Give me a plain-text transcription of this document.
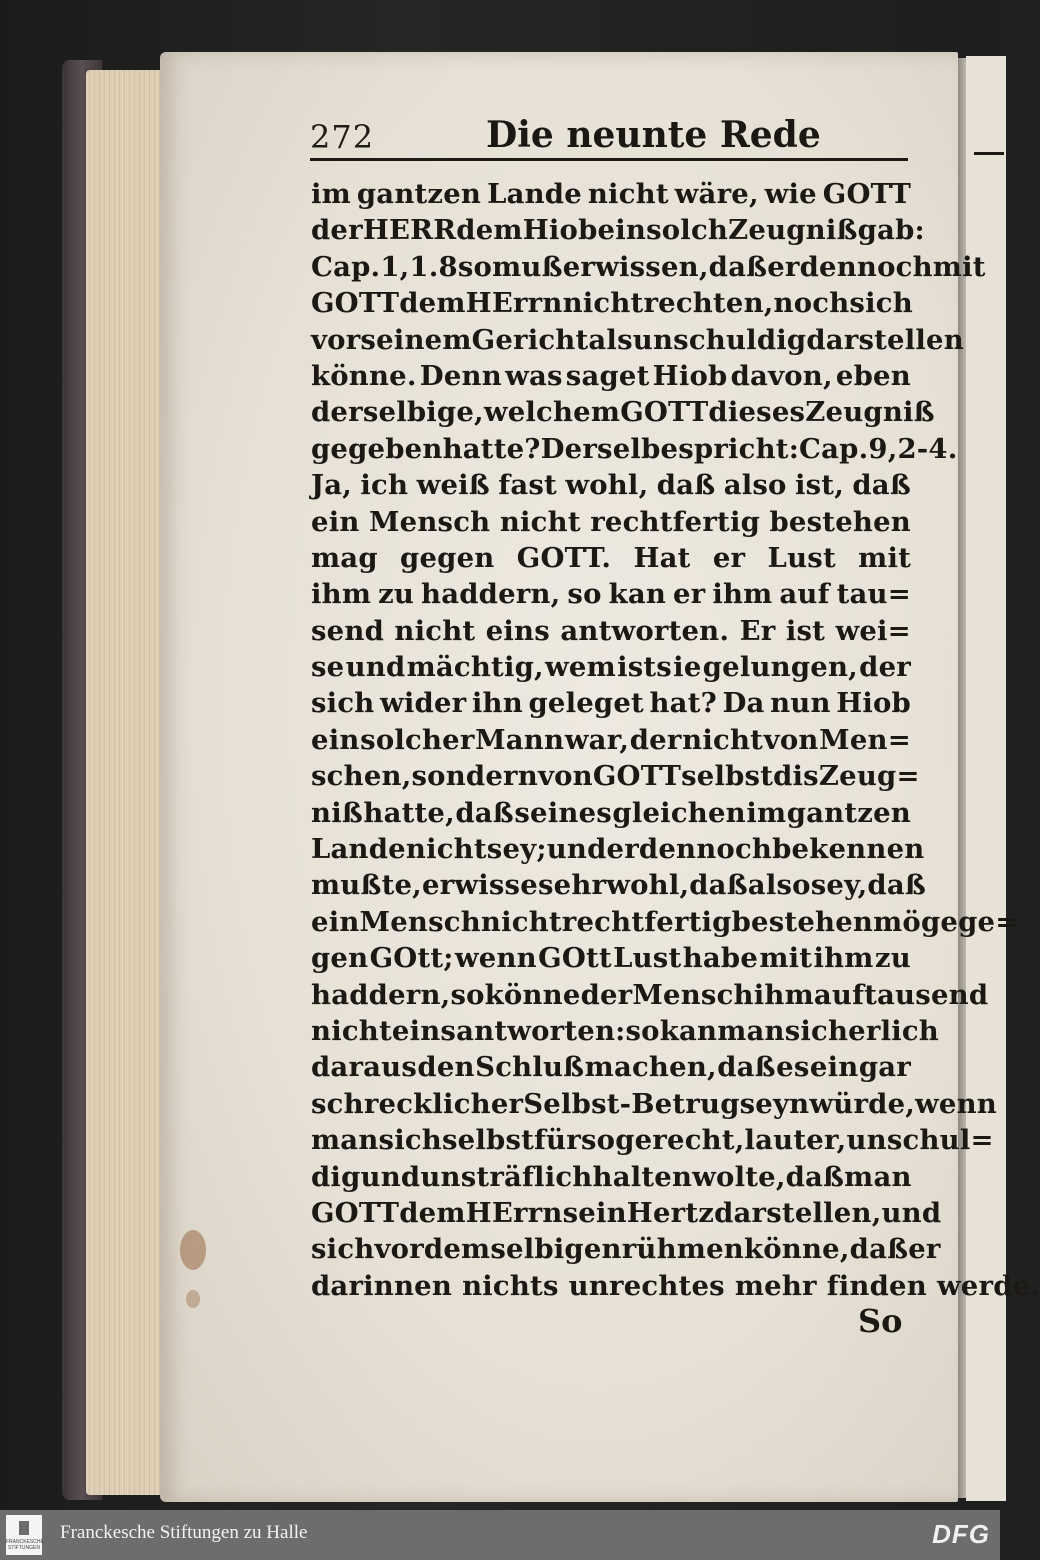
272	Die neunte Rede
im gantzen Lande nicht wäre, wie GOTT
der HERR dem Hiob ein solch Zeugniß gab:
Cap. 1, 1. 8 so muß er wissen, daß er dennoch mit
GOTT dem HErrn nicht rechten, noch sich
vor seinem Gericht als unschuldig darstellen
könne. Denn was saget Hiob davon, eben
derselbige, welchem GOTT dieses Zeugniß
gegeben hatte? Derselbe spricht: Cap. 9, 2-4.
Ja, ich weiß fast wohl, daß also ist, daß
ein Mensch nicht rechtfertig bestehen
mag gegen GOTT. Hat er Lust mit
ihm zu haddern, so kan er ihm auf tau=
send nicht eins antworten. Er ist wei=
se und mächtig, wem ists ie gelungen, der
sich wider ihn geleget hat? Da nun Hiob
ein solcher Mann war, der nicht von Men=
schen, sondern von GOTT selbst dis Zeug=
niß hatte, daß seines gleichen im gantzen
Lande nicht sey; und er dennoch bekennen
mußte, er wisse sehr wohl, daß also sey, daß
ein Mensch nicht rechtfertig bestehen möge ge=
gen GOtt; wenn GOtt Lust habe mit ihm zu
haddern, so könne der Mensch ihm auf tausend
nicht eins antworten: so kan man sicherlich
daraus den Schluß machen, daß es ein gar
schrecklicher Selbst-Betrug seyn würde, wenn
man sich selbst für so gerecht, lauter, unschul=
dig und unsträflich halten wolte, daß man
GOTT dem HErrn sein Hertz darstellen, und
sich vor demselbigen rühmen könne, daß er
darinnen nichts unrechtes mehr finden werde.
So
FRANCKESCHE STIFTUNGEN
Franckesche Stiftungen zu Halle	DFG
